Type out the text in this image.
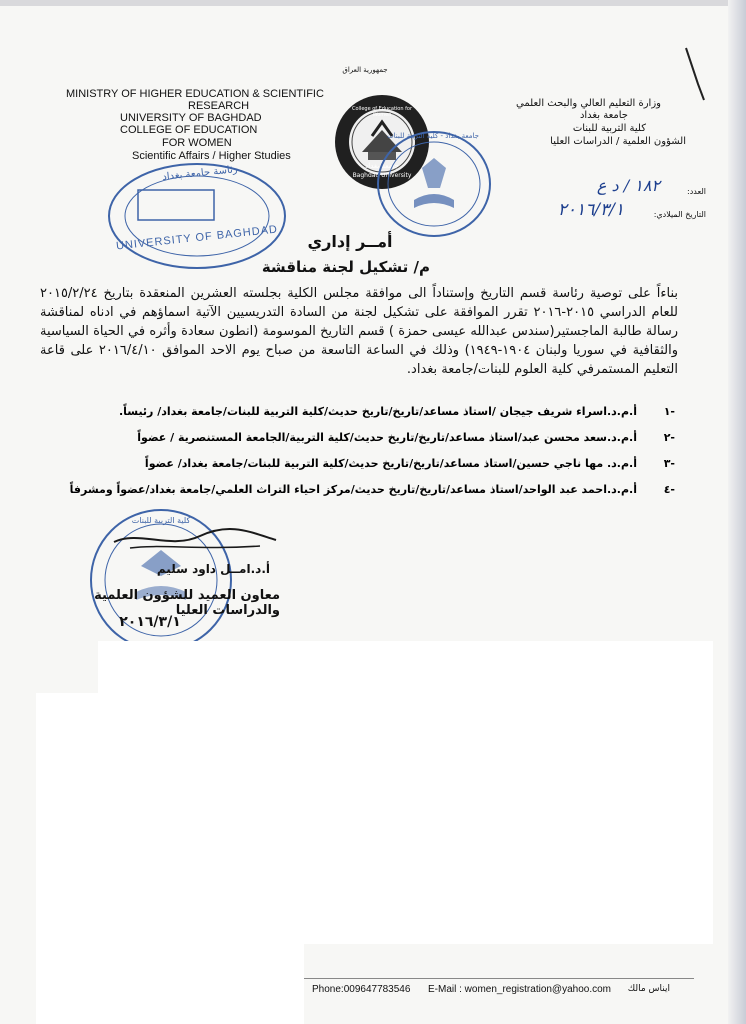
جمهورية العراق
MINISTRY OF HIGHER EDUCATION & SCIENTIFIC
RESEARCH
UNIVERSITY OF BAGHDAD
COLLEGE OF EDUCATION
FOR WOMEN
Scientific Affairs / Higher Studies
وزارة التعليم العالي والبحث العلمي
جامعة بغداد
كلية التربية للبنات
الشؤون العلمية / الدراسات العليا
جامعة بغداد
Baghdad University
College of Education for Women
جامعة بغداد - كلية التربية للبنات
رئاسة جامعة بغداد
UNIVERSITY OF BAGHDAD
العدد:
١٨٢ / د ع
التاريخ الميلادي:
٢٠١٦/٣/١
أمــر إداري
م/ تشكيل لجنة مناقشة
بناءاً على توصية رئاسة قسم التاريخ وإستناداً الى موافقة مجلس الكلية بجلسته العشرين المنعقدة بتاريخ ٢٠١٥/٢/٢٤ للعام الدراسي ٢٠١٥-٢٠١٦ تقرر الموافقة على تشكيل لجنة من السادة التدريسيين الآتية اسماؤهم في ادناه لمناقشة رسالة طالبة الماجستير(سندس عبدالله عيسى حمزة ) قسم التاريخ الموسومة (انطون سعادة وأثره في الحياة السياسية والثقافية في سوريا ولبنان ١٩٠٤-١٩٤٩) وذلك في الساعة التاسعة من صباح يوم الاحد الموافق ٢٠١٦/٤/١٠ على قاعة التعليم المستمرفي كلية العلوم للبنات/جامعة بغداد.
-١
أ.م.د.اسراء شريف جيجان /استاذ مساعد/تاريخ/تاريخ حديث/كلية التربية للبنات/جامعة بغداد/ رئيساً.
-٢
أ.م.د.سعد محسن عبد/استاذ مساعد/تاريخ/تاريخ حديث/كلية التربية/الجامعة المستنصرية / عضواً
-٣
أ.م.د. مها ناجي حسين/استاذ مساعد/تاريخ/تاريخ حديث/كلية التربية للبنات/جامعة بغداد/ عضواً
-٤
أ.م.د.احمد عبد الواحد/استاذ مساعد/تاريخ/تاريخ حديث/مركز احياء التراث العلمي/جامعة بغداد/عضواً ومشرفاً
كلية التربية للبنات
أ.د.امــل داود سليم
معاون العميد للشؤون العلمية والدراسات العليا
٢٠١٦/٣/١
Phone:009647783546 E-Mail : women_registration@yahoo.com	ايناس مالك
